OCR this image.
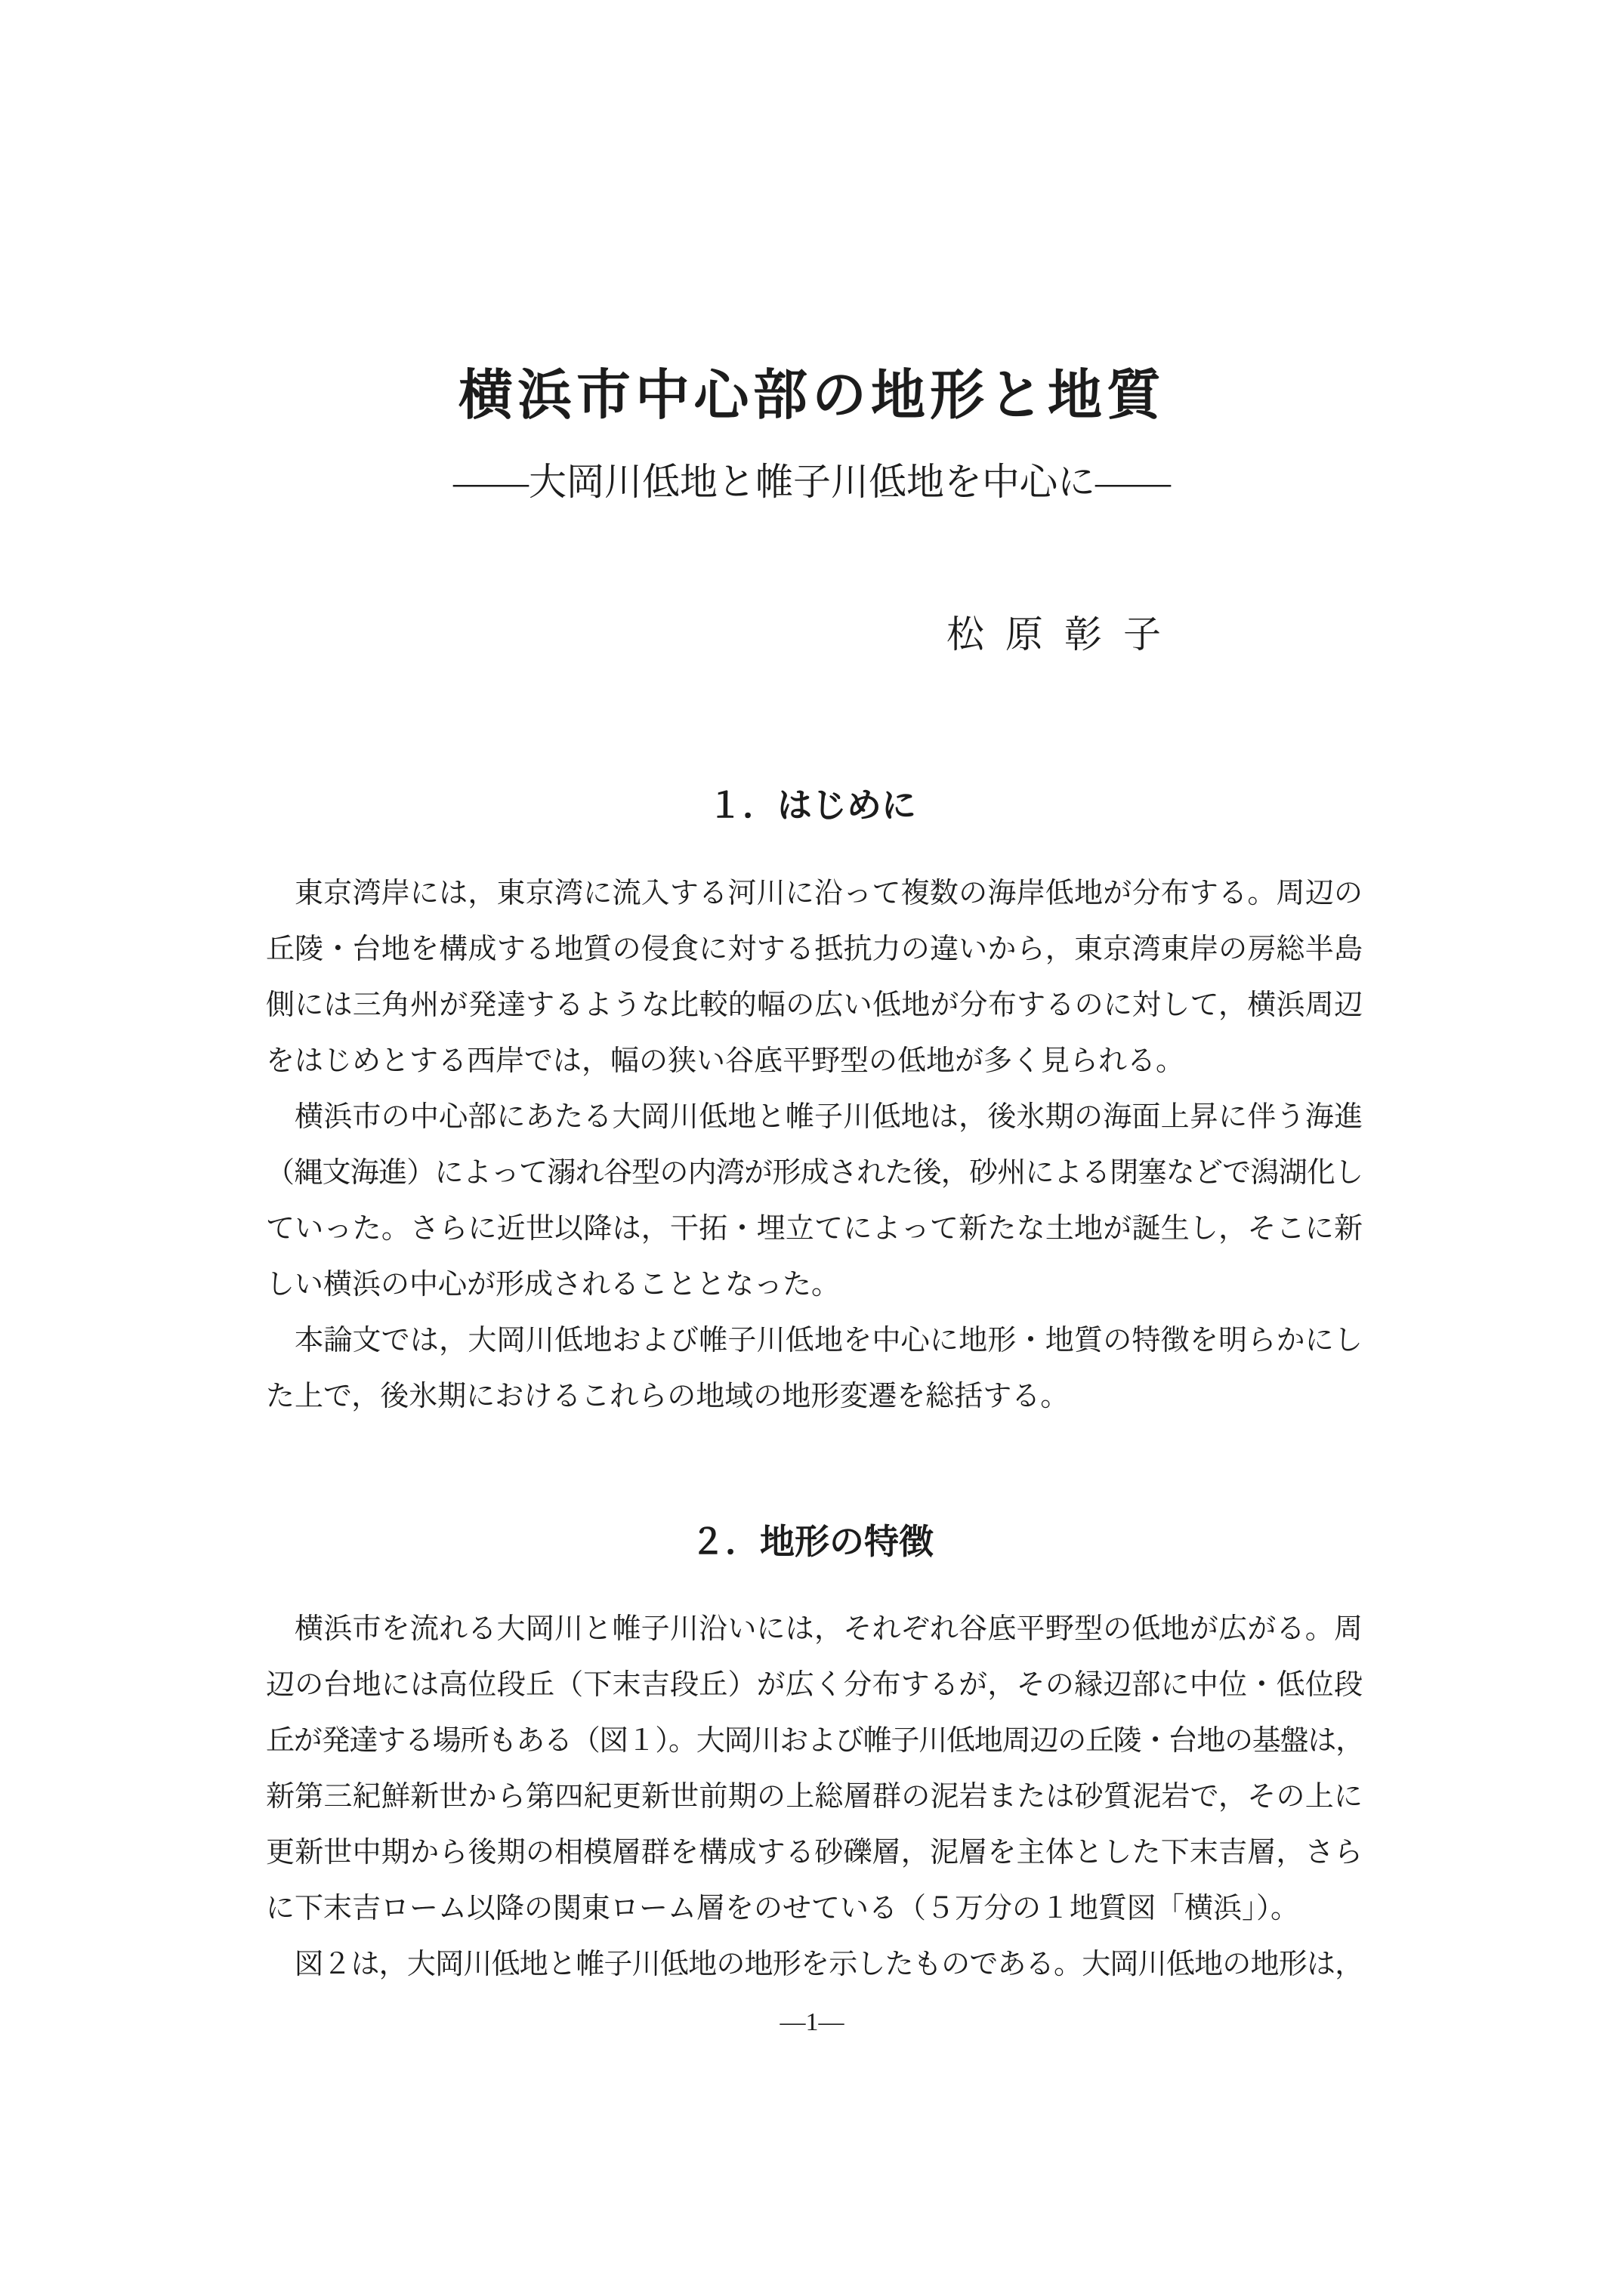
横浜市中心部の地形と地質
——大岡川低地と帷子川低地を中心に——
松　原　彰　子
１．はじめに

東京湾岸には，東京湾に流入する河川に沿って複数の海岸低地が分布する。周辺の

丘陵・台地を構成する地質の侵食に対する抵抗力の違いから，東京湾東岸の房総半島

側には三角州が発達するような比較的幅の広い低地が分布するのに対して，横浜周辺

をはじめとする西岸では，幅の狭い谷底平野型の低地が多く見られる。

横浜市の中心部にあたる大岡川低地と帷子川低地は，後氷期の海面上昇に伴う海進

（縄文海進）によって溺れ谷型の内湾が形成された後，砂州による閉塞などで潟湖化し

ていった。さらに近世以降は，干拓・埋立てによって新たな土地が誕生し，そこに新

しい横浜の中心が形成されることとなった。

本論文では，大岡川低地および帷子川低地を中心に地形・地質の特徴を明らかにし

た上で，後氷期におけるこれらの地域の地形変遷を総括する。

２．地形の特徴

横浜市を流れる大岡川と帷子川沿いには，それぞれ谷底平野型の低地が広がる。周

辺の台地には高位段丘（下末吉段丘）が広く分布するが，その縁辺部に中位・低位段

丘が発達する場所もある（図１）。大岡川および帷子川低地周辺の丘陵・台地の基盤は，

新第三紀鮮新世から第四紀更新世前期の上総層群の泥岩または砂質泥岩で，その上に

更新世中期から後期の相模層群を構成する砂礫層，泥層を主体とした下末吉層，さら

に下末吉ローム以降の関東ローム層をのせている（５万分の１地質図「横浜」）。

図２は，大岡川低地と帷子川低地の地形を示したものである。大岡川低地の地形は，

—1—
